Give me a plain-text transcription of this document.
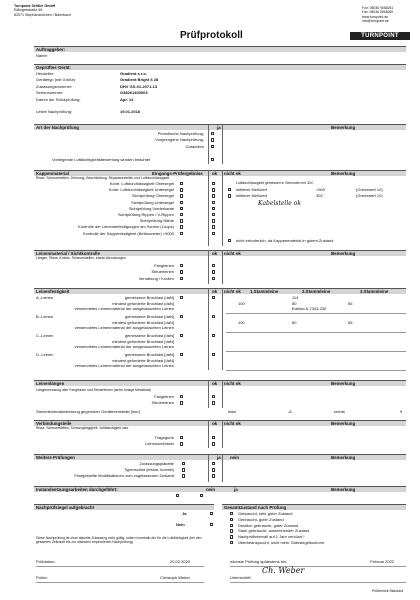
Turnpoint Seiltier GmbH
Edlingerstraße 69
83071 Stephanskirchen / Baierbach
Fon: 08036 9068261
Fax: 08036 9068260
www.turnpoint.de
info@turnpoint.de
Prüfprotokoll	TURNPOINT
Auftraggeber:
Name:
Geprüftes Gerät:
Letzte Nachprüfung:	19.01.2018
Art der Nachprüfung	ja	Bemerkung
Vorliegende Luftdichtigkeitsbewertung wurden beachtet
Kappenmaterial	Eingangs-Prüfergebniss ok nicht ok	Bemerkung
Risse, Scheuerstellen, Dehnung, Beschichtung, Reparaturstellen und Luftdurchlässigkeit
Luftdurchlässigkeit gemessen in Sekunden mit JDC
mittlerer Meßwert	>500	(Grenzwert 10)
mittlerer Meßwert	302	(Grenzwert 10)
Kabelstelle ok
nicht erforderlich, da Kappenmaterial in gutem Zustand
Leinenmaterial / Sichtkontrolle	ok nicht ok	Bemerkung
Längen, Risse, Knicke, Scheuerstellen, starke Abnutzungen
Leinenfestigkeit	ok nicht ok 1.Stammleine	2.Stammleine	3.Stammleine
Leinenlängen	ok nicht ok	Bemerkung
Längenmessung aller Fangleinen und Steuerleinen (siehe Anlage Messblatt)
Steuerleinenabweichung gegenüber Geräteeinmblatt [mm]	links	-8	rechts	9
Verbindungsteile	ok nicht ok	Bemerkung
Risse, Scheuerstellen, Schwergängigkeit, Vollständigkeit usw.
Weitere Prüfungen	ja nein	Bemerkung
Instandsetzungsarbeiten durchgeführt:	nein	ja	Bemerkung
Nachprüfsiegel aufgebracht	Gesamtzustand nach Prüfung
Ja
Nein
Diese Nachprüfung ist ohne aktuelle Zulassung nicht gültig, sofern innerhalb der für die Luftdichtigkeit (bei den gesamten Zeitraum bis zur nächsten empfohlenen Nachprüfung)
Prüfdatum:	20.02.2020	nächste Prüfung spätestens bis:	Februar 2022
Prüfer:	Christoph Weber	Unterschrift:
Ch. Weber
Prüfbericht Standard
Hersteller:	Gradient s.r.o.
Gerätetyp (mit Größe):	Gradient Bright 6 28
Zulassungsnummer:	DHV GS-01-2071-13
Seriennummer:	G38261403003
Datum der Stückprüfung:	Apr. 14
Periodische-Nachprüfung:
Vorgezogene Nachprüfung:
Gutachten
Kontr. Luftdurchlässigkeit Obersegel
Kontr. Luftdurchlässigkeit Untersegel
Sichtprüfung Obersegel
Sichtprüfung Untersegel
Sichtprüfung Vorderkante
Sichtprüfung Rippen / V-Rippen
Sichtprüfung Nähte
Kontrolle der Leinenbefestigungen am Schirm (Loops)
Kontrolle der Kappenfestigkeit (Bettsometer) >9000
Fangleinen
Steuerleinen
Vernähung / Knoten
A.-Leinen	gemessene Bruchlast [daN]	114
mindest geforderte Bruchlast [daN]	100	80	65
verwendetes Leinenmaterial der ausgetauschten Leinen	Edelrid A-7343-230
B.-Leinen	gemessene Bruchlast [daN]
mindest geforderte Bruchlast [daN]	100	80	65
verwendetes Leinenmaterial der ausgetauschten Leinen
C.-Leinen	gemessene Bruchlast [daN]
mindest geforderte Bruchlast [daN]
verwendetes Leinenmaterial der ausgetauschten Leinen
D.-Leinen	gemessene Bruchlast [daN]
mindest geforderte Bruchlast [daN]
verwendetes Leinenmaterial der ausgetauschten Leinen
Fangleinen
Steuerleinen
Tragegurte
Leinenschlösser
Zulassungsplakette
Typenschild (lesbar, korrekt)
Festgestellte Modifikationen zum zugelassenen Zustand
Gebraucht, sehr guter Zustand
Gebraucht, guter Zustand
Deutlich gebraucht, guter Zustand
Stark gebraucht, ausreichender Zustand
Nachprüfintervall auf 1 Jahr verkürzt !
Überbeansprucht, nicht mehr Gütesiegelkonform
